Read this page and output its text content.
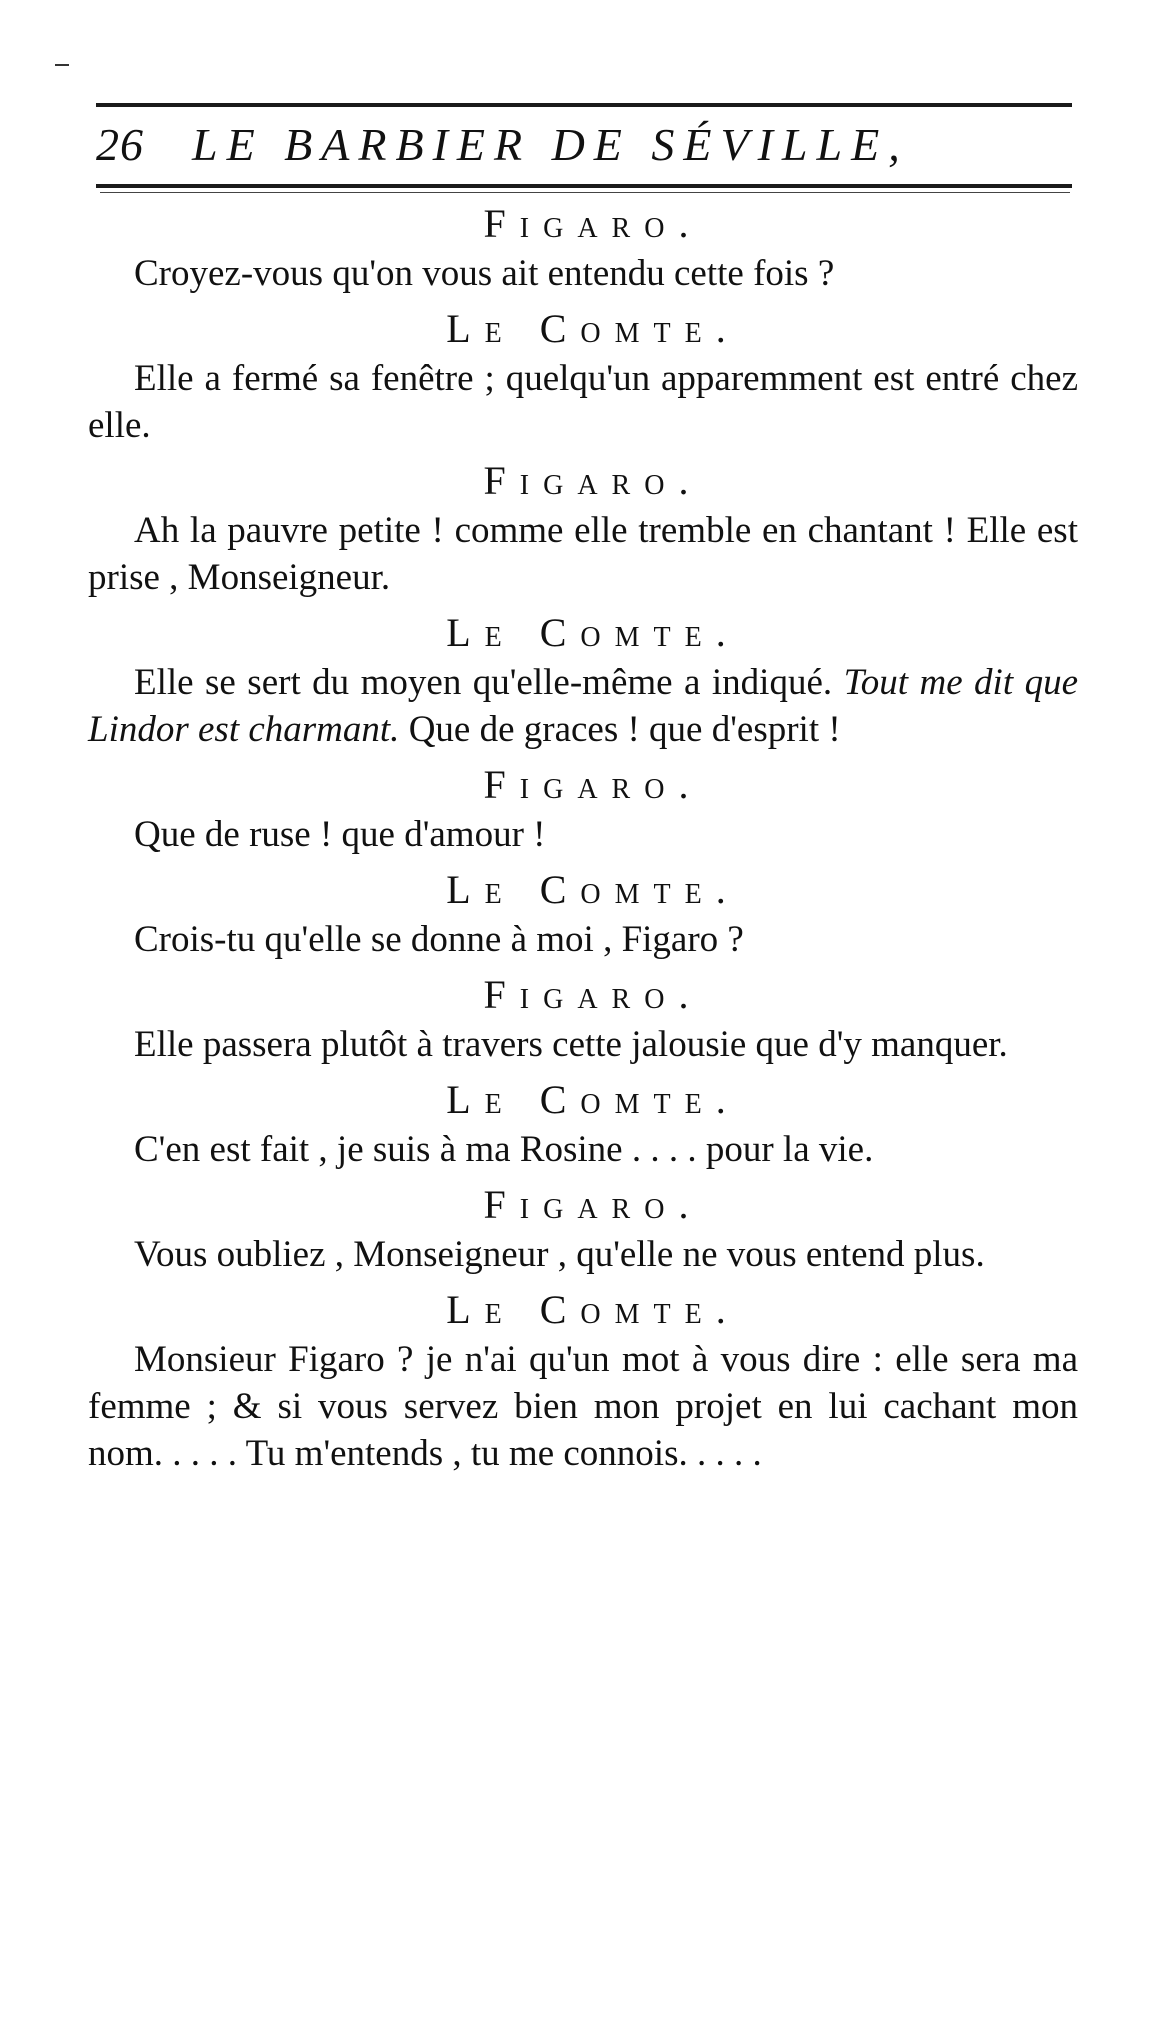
26 LE BARBIER DE SÉVILLE,

Figaro.

Croyez-vous qu'on vous ait entendu cette fois ?

Le Comte.

Elle a fermé sa fenêtre ; quelqu'un apparemment est entré chez elle.

Figaro.

Ah la pauvre petite ! comme elle tremble en chantant ! Elle est prise , Monseigneur.

Le Comte.

Elle se sert du moyen qu'elle-même a indiqué. Tout me dit que Lindor est charmant. Que de graces ! que d'esprit !

Figaro.

Que de ruse ! que d'amour !

Le Comte.

Crois-tu qu'elle se donne à moi , Figaro ?

Figaro.

Elle passera plutôt à travers cette jalousie que d'y manquer.

Le Comte.

C'en est fait , je suis à ma Rosine . . . . pour la vie.

Figaro.

Vous oubliez , Monseigneur , qu'elle ne vous entend plus.

Le Comte.

Monsieur Figaro ? je n'ai qu'un mot à vous dire : elle sera ma femme ; & si vous servez bien mon projet en lui cachant mon nom. . . . . Tu m'entends , tu me connois. . . . .
